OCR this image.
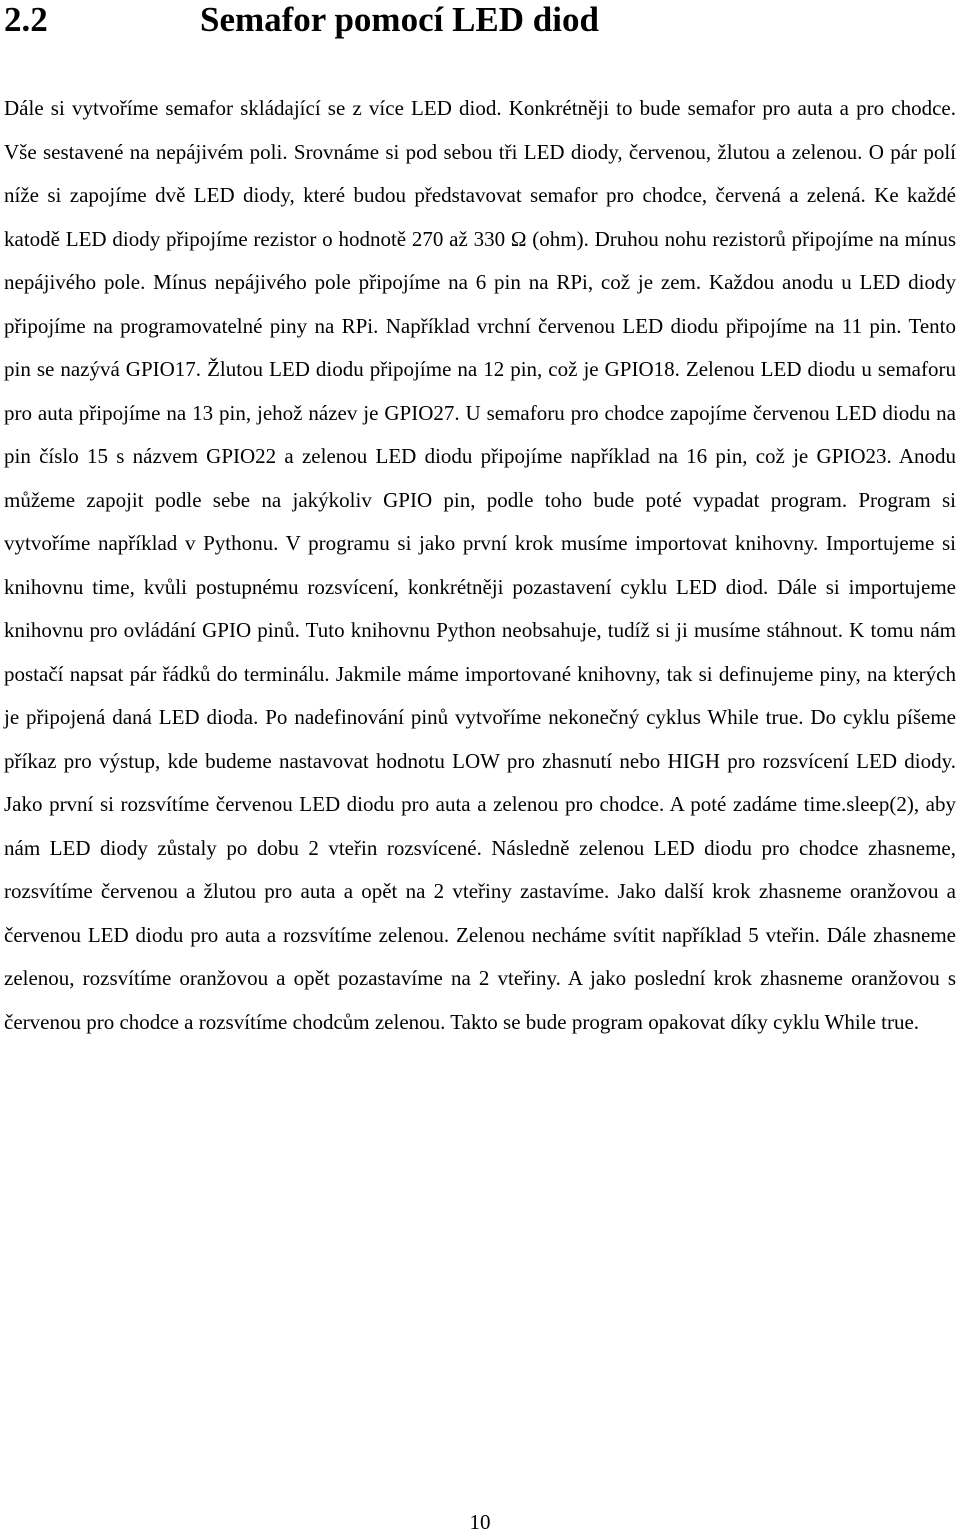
2.2	Semafor pomocí LED diod

Dále si vytvoříme semafor skládající se z více LED diod. Konkrétněji to bude semafor pro auta a pro chodce. Vše sestavené na nepájivém poli. Srovnáme si pod sebou tři LED diody, červenou, žlutou a zelenou. O pár polí níže si zapojíme dvě LED diody, které budou představovat semafor pro chodce, červená a zelená. Ke každé katodě LED diody připojíme rezistor o hodnotě 270 až 330 Ω (ohm). Druhou nohu rezistorů připojíme na mínus nepájivého pole. Mínus nepájivého pole připojíme na 6 pin na RPi, což je zem. Každou anodu u LED diody připojíme na programovatelné piny na RPi. Například vrchní červenou LED diodu připojíme na 11 pin. Tento pin se nazývá GPIO17. Žlutou LED diodu připojíme na 12 pin, což je GPIO18. Zelenou LED diodu u semaforu pro auta připojíme na 13 pin, jehož název je GPIO27. U semaforu pro chodce zapojíme červenou LED diodu na pin číslo 15 s názvem GPIO22 a zelenou LED diodu připojíme například na 16 pin, což je GPIO23. Anodu můžeme zapojit podle sebe na jakýkoliv GPIO pin, podle toho bude poté vypadat program. Program si vytvoříme například v Pythonu. V programu si jako první krok musíme importovat knihovny. Importujeme si knihovnu time, kvůli postupnému rozsvícení, konkrétněji pozastavení cyklu LED diod. Dále si importujeme knihovnu pro ovládání GPIO pinů. Tuto knihovnu Python neobsahuje, tudíž si ji musíme stáhnout. K tomu nám postačí napsat pár řádků do terminálu. Jakmile máme importované knihovny, tak si definujeme piny, na kterých je připojená daná LED dioda. Po nadefinování pinů vytvoříme nekonečný cyklus While true. Do cyklu píšeme příkaz pro výstup, kde budeme nastavovat hodnotu LOW pro zhasnutí nebo HIGH pro rozsvícení LED diody. Jako první si rozsvítíme červenou LED diodu pro auta a zelenou pro chodce. A poté zadáme time.sleep(2), aby nám LED diody zůstaly po dobu 2 vteřin rozsvícené. Následně zelenou LED diodu pro chodce zhasneme, rozsvítíme červenou a žlutou pro auta a opět na 2 vteřiny zastavíme. Jako další krok zhasneme oranžovou a červenou LED diodu pro auta a rozsvítíme zelenou. Zelenou necháme svítit například 5 vteřin. Dále zhasneme zelenou, rozsvítíme oranžovou a opět pozastavíme na 2 vteřiny. A jako poslední krok zhasneme oranžovou s červenou pro chodce a rozsvítíme chodcům zelenou. Takto se bude program opakovat díky cyklu While true.

10
